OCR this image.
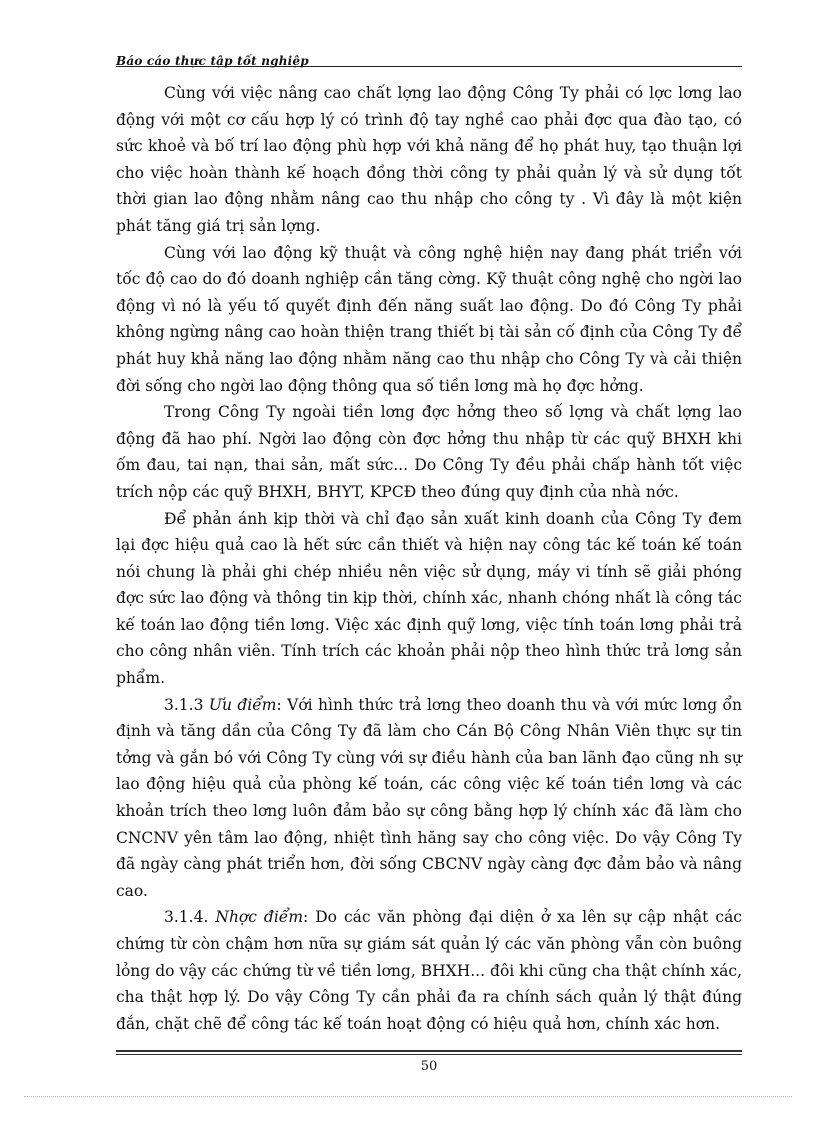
Báo cáo thực tập tốt nghiệp

Cùng với việc nâng cao chất lợng lao động Công Ty phải có lợc lơng lao động với một cơ cấu hợp lý có trình độ tay nghề cao phải đợc qua đào tạo, có sức khoẻ và bố trí lao động phù hợp với khả năng để họ phát huy, tạo thuận lợi cho việc hoàn thành kế hoạch đồng thời công ty phải quản lý và sử dụng tốt thời gian lao động nhằm nâng cao thu nhập cho công ty . Vì đây là một kiện phát tăng giá trị sản lợng.

Cùng với lao động kỹ thuật và công nghệ hiện nay đang phát triển với tốc độ cao do đó doanh nghiệp cần tăng cờng. Kỹ thuật công nghệ cho ngời lao động vì nó là yếu tố quyết định đến năng suất lao động. Do đó Công Ty phải không ngừng nâng cao hoàn thiện trang thiết bị tài sản cố định của Công Ty để phát huy khả năng lao động nhằm năng cao thu nhập cho Công Ty và cải thiện đời sống cho ngời lao động thông qua số tiền lơng mà họ đợc hởng.

Trong Công Ty ngoài tiền lơng đợc hởng theo số lợng và chất lợng lao động đã hao phí. Ngời lao động còn đợc hởng thu nhập từ các quỹ BHXH khi ốm đau, tai nạn, thai sản, mất sức... Do Công Ty đều phải chấp hành tốt việc trích nộp các quỹ BHXH, BHYT, KPCĐ theo đúng quy định của nhà nớc.

Để phản ánh kịp thời và chỉ đạo sản xuất kinh doanh của Công Ty đem lại đợc hiệu quả cao là hết sức cần thiết và hiện nay công tác kế toán kế toán nói chung là phải ghi chép nhiều nên việc sử dụng, máy vi tính sẽ giải phóng đợc sức lao động và thông tin kịp thời, chính xác, nhanh chóng nhất là công tác kế toán lao động tiền lơng. Việc xác định quỹ lơng, việc tính toán lơng phải trả cho công nhân viên. Tính trích các khoản phải nộp theo hình thức trả lơng sản phẩm.

3.1.3 Ưu điểm: Với hình thức trả lơng theo doanh thu và với mức lơng ổn định và tăng dần của Công Ty đã làm cho Cán Bộ Công Nhân Viên thực sự tin tởng và gắn bó với Công Ty cùng với sự điều hành của ban lãnh đạo cũng nh sự lao động hiệu quả của phòng kế toán, các công việc kế toán tiền lơng và các khoản trích theo lơng luôn đảm bảo sự công bằng hợp lý chính xác đã làm cho CNCNV yên tâm lao động, nhiệt tình hăng say cho công việc. Do vậy Công Ty đã ngày càng phát triển hơn, đời sống CBCNV ngày càng đợc đảm bảo và nâng cao.

3.1.4. Nhợc điểm: Do các văn phòng đại diện ở xa lên sự cập nhật các chứng từ còn chậm hơn nữa sự giám sát quản lý các văn phòng vẫn còn buông lỏng do vậy các chứng từ về tiền lơng, BHXH... đôi khi cũng cha thật chính xác, cha thật hợp lý. Do vậy Công Ty cần phải đa ra chính sách quản lý thật đúng đắn, chặt chẽ để công tác kế toán hoạt động có hiệu quả hơn, chính xác hơn.

50
